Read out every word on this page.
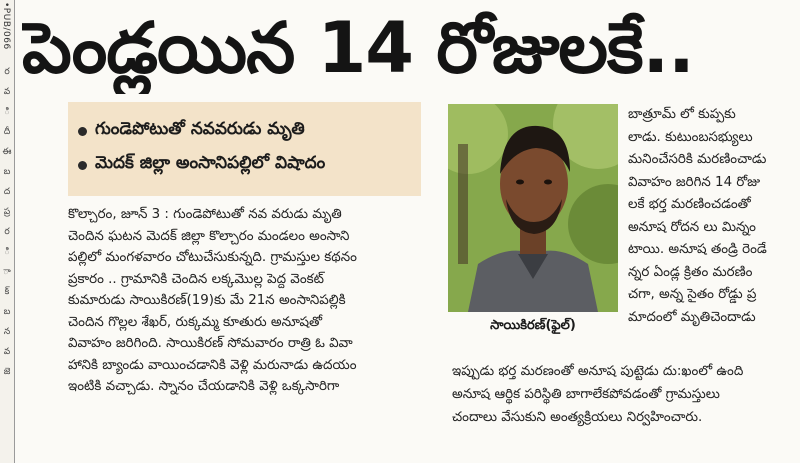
•PUB/066
ర
వ
ి
దీ
ఈ
బ
ద
ప్ర
ర
ి
ా
క్
బ
న
వ
జె
పెండ్లయిన 14 రోజులకే..
గుండెపోటుతో నవవరుడు మృతి
మెదక్ జిల్లా అంసానిపల్లిలో విషాదం
కొల్చారం, జూన్ 3 : గుండెపోటుతో నవ వరుడు మృతి
చెందిన ఘటన మెదక్ జిల్లా కొల్చారం మండలం అంసాని
పల్లిలో మంగళవారం చోటుచేసుకున్నది. గ్రామస్తుల కథనం
ప్రకారం .. గ్రామానికి చెందిన లక్కమొల్ల పెద్ద వెంకట్
కుమారుడు సాయికిరణ్(19)కు మే 21న అంసానిపల్లికి
చెందిన గొల్లల శేఖర్, రుక్కమ్మ కూతురు అనూషతో
వివాహం జరిగింది. సాయికిరణ్ సోమవారం రాత్రి ఓ వివా
హానికి బ్యాండు వాయించడానికి వెళ్లి మరునాడు ఉదయం
ఇంటికి వచ్చాడు. స్నానం చేయడానికి వెళ్లి ఒక్కసారిగా
సాయికిరణ్(ఫైల్)
బాత్రూమ్ లో కుప్పకు
లాడు. కుటుంబసభ్యులు
మనించేసరికి మరణించాడు
వివాహం జరిగిన 14 రోజు
లకే భర్త మరణించడంతో
అనూష రోదన లు మిన్నం
టాయి. అనూష తండ్రి రెండే
న్నర ఏండ్ల క్రితం మరణిం
చగా, అన్న సైతం రోడ్డు ప్ర
మాదంలో మృతిచెందాడు
ఇప్పుడు భర్త మరణంతో అనూష పుట్టెడు దు:ఖంలో ఉంది
అనూష ఆర్థిక పరిస్థితి బాగాలేకపోవడంతో గ్రామస్తులు
చందాలు వేసుకుని అంత్యక్రియలు నిర్వహించారు.
